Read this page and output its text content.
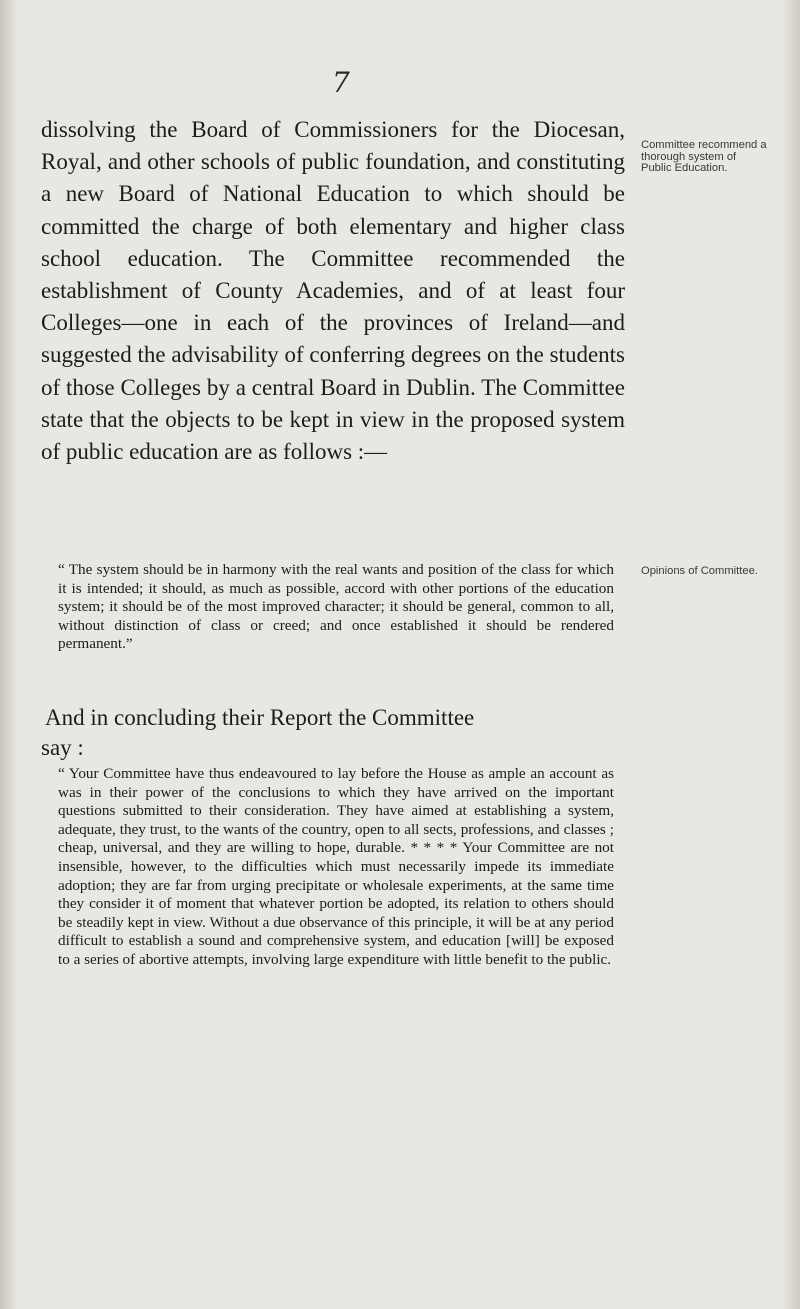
7

dissolving the Board of Commissioners for the Diocesan, Royal, and other schools of public foundation, and constituting a new Board of National Education to which should be committed the charge of both elementary and higher class school education. The Committee recommended the establishment of County Academies, and of at least four Colleges—one in each of the provinces of Ireland—and suggested the advisability of conferring degrees on the students of those Colleges by a central Board in Dublin. The Committee state that the objects to be kept in view in the proposed system of public education are as follows :—

Committee recommend a thorough system of Public Education.

“ The system should be in harmony with the real wants and position of the class for which it is intended; it should, as much as possible, accord with other portions of the education system; it should be of the most improved character; it should be general, common to all, without distinction of class or creed; and once established it should be rendered permanent.”

Opinions of Committee.
And in concluding their Report the Committee
say :

“ Your Committee have thus endeavoured to lay before the House as ample an account as was in their power of the conclusions to which they have arrived on the important questions submitted to their consideration. They have aimed at establishing a system, adequate, they trust, to the wants of the country, open to all sects, professions, and classes ; cheap, universal, and they are willing to hope, durable. * * * * Your Committee are not insensible, however, to the difficulties which must necessarily impede its immediate adoption; they are far from urging precipitate or wholesale experiments, at the same time they consider it of moment that whatever portion be adopted, its relation to others should be steadily kept in view. Without a due observance of this principle, it will be at any period difficult to establish a sound and comprehensive system, and education [will] be exposed to a series of abortive attempts, involving large expenditure with little benefit to the public.
